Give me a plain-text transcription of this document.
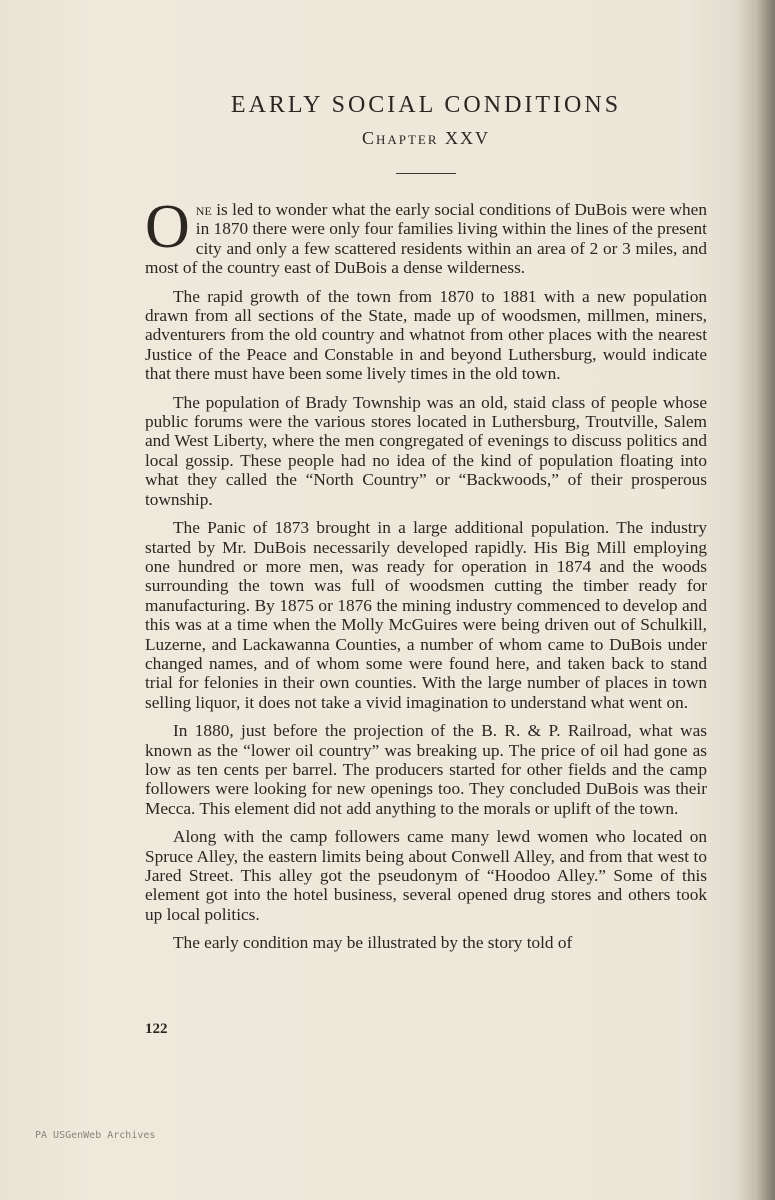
EARLY SOCIAL CONDITIONS
Chapter XXV

One is led to wonder what the early social conditions of DuBois were when in 1870 there were only four families living within the lines of the present city and only a few scattered residents within an area of 2 or 3 miles, and most of the country east of DuBois a dense wilderness.

The rapid growth of the town from 1870 to 1881 with a new population drawn from all sections of the State, made up of woodsmen, millmen, miners, adventurers from the old country and whatnot from other places with the nearest Justice of the Peace and Constable in and beyond Luthersburg, would indicate that there must have been some lively times in the old town.

The population of Brady Township was an old, staid class of people whose public forums were the various stores located in Luthersburg, Troutville, Salem and West Liberty, where the men congregated of evenings to discuss politics and local gossip. These people had no idea of the kind of population floating into what they called the “North Country” or “Backwoods,” of their prosperous township.

The Panic of 1873 brought in a large additional population. The industry started by Mr. DuBois necessarily developed rapidly. His Big Mill employing one hundred or more men, was ready for operation in 1874 and the woods surrounding the town was full of woodsmen cutting the timber ready for manufacturing. By 1875 or 1876 the mining industry commenced to develop and this was at a time when the Molly McGuires were being driven out of Schulkill, Luzerne, and Lackawanna Counties, a number of whom came to DuBois under changed names, and of whom some were found here, and taken back to stand trial for felonies in their own counties. With the large number of places in town selling liquor, it does not take a vivid imagination to understand what went on.

In 1880, just before the projection of the B. R. & P. Railroad, what was known as the “lower oil country” was breaking up. The price of oil had gone as low as ten cents per barrel. The producers started for other fields and the camp followers were looking for new openings too. They concluded DuBois was their Mecca. This element did not add anything to the morals or uplift of the town.

Along with the camp followers came many lewd women who located on Spruce Alley, the eastern limits being about Conwell Alley, and from that west to Jared Street. This alley got the pseudonym of “Hoodoo Alley.” Some of this element got into the hotel business, several opened drug stores and others took up local politics.

The early condition may be illustrated by the story told of

122
PA USGenWeb Archives
